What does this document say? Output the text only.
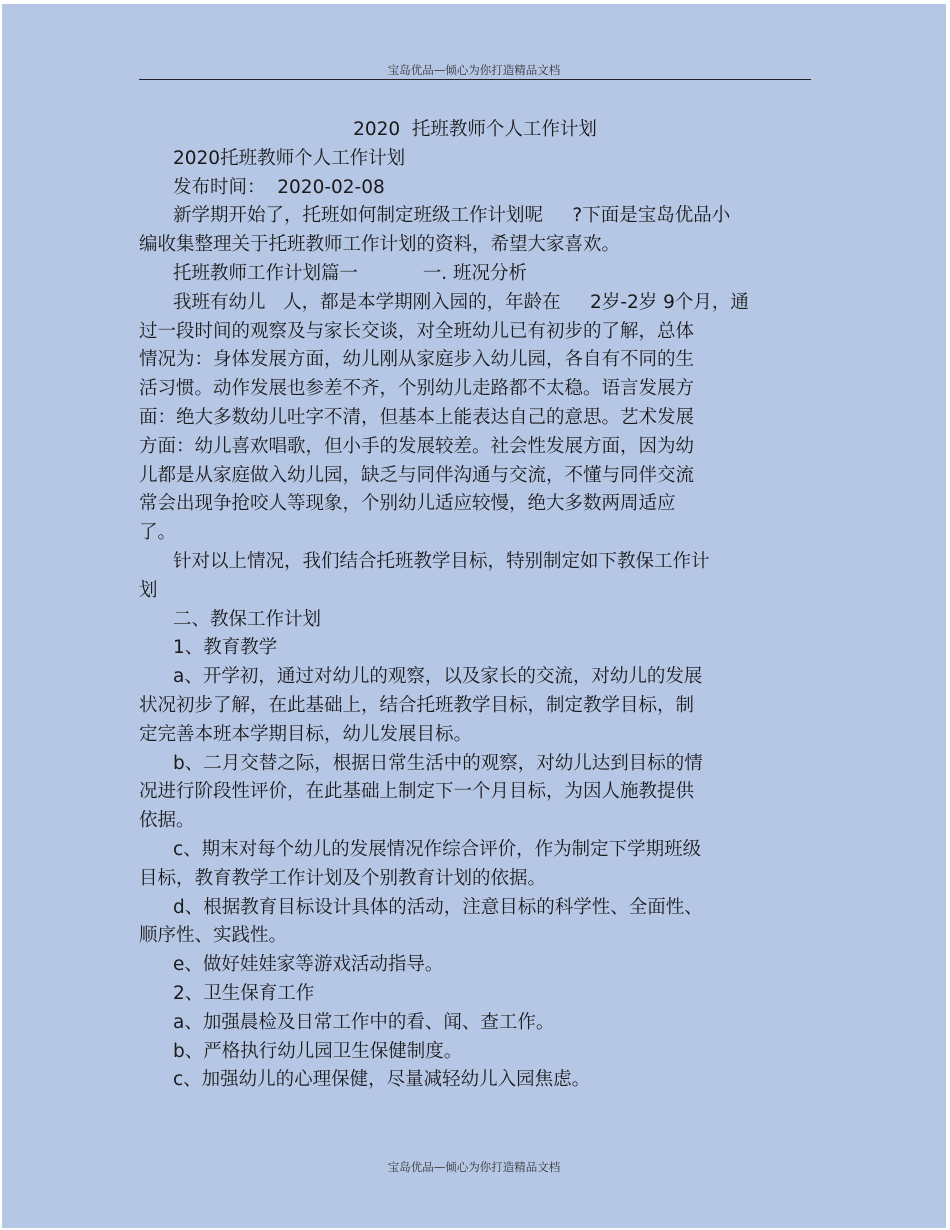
宝岛优品—倾心为你打造精品文档

2020  托班教师个人工作计划

2020托班教师个人工作计划

发布时间：  2020-02-08

新学期开始了，托班如何制定班级工作计划呢     ?下面是宝岛优品小

编收集整理关于托班教师工作计划的资料，希望大家喜欢。

托班教师工作计划篇一           一. 班况分析

我班有幼儿   人，都是本学期刚入园的，年龄在     2岁-2岁 9个月，通

过一段时间的观察及与家长交谈，对全班幼儿已有初步的了解，总体

情况为：身体发展方面，幼儿刚从家庭步入幼儿园，各自有不同的生

活习惯。动作发展也参差不齐，个别幼儿走路都不太稳。语言发展方

面：绝大多数幼儿吐字不清，但基本上能表达自己的意思。艺术发展

方面：幼儿喜欢唱歌，但小手的发展较差。社会性发展方面，因为幼

儿都是从家庭做入幼儿园，缺乏与同伴沟通与交流，不懂与同伴交流

常会出现争抢咬人等现象，个别幼儿适应较慢，绝大多数两周适应

了。

针对以上情况，我们结合托班教学目标，特别制定如下教保工作计

划

二、教保工作计划

1、教育教学

a、开学初，通过对幼儿的观察，以及家长的交流，对幼儿的发展

状况初步了解，在此基础上，结合托班教学目标，制定教学目标，制

定完善本班本学期目标，幼儿发展目标。

b、二月交替之际，根据日常生活中的观察，对幼儿达到目标的情

况进行阶段性评价，在此基础上制定下一个月目标，为因人施教提供

依据。

c、期末对每个幼儿的发展情况作综合评价，作为制定下学期班级

目标，教育教学工作计划及个别教育计划的依据。

d、根据教育目标设计具体的活动，注意目标的科学性、全面性、

顺序性、实践性。

e、做好娃娃家等游戏活动指导。

2、卫生保育工作

a、加强晨检及日常工作中的看、闻、查工作。

b、严格执行幼儿园卫生保健制度。

c、加强幼儿的心理保健，尽量减轻幼儿入园焦虑。

宝岛优品—倾心为你打造精品文档
